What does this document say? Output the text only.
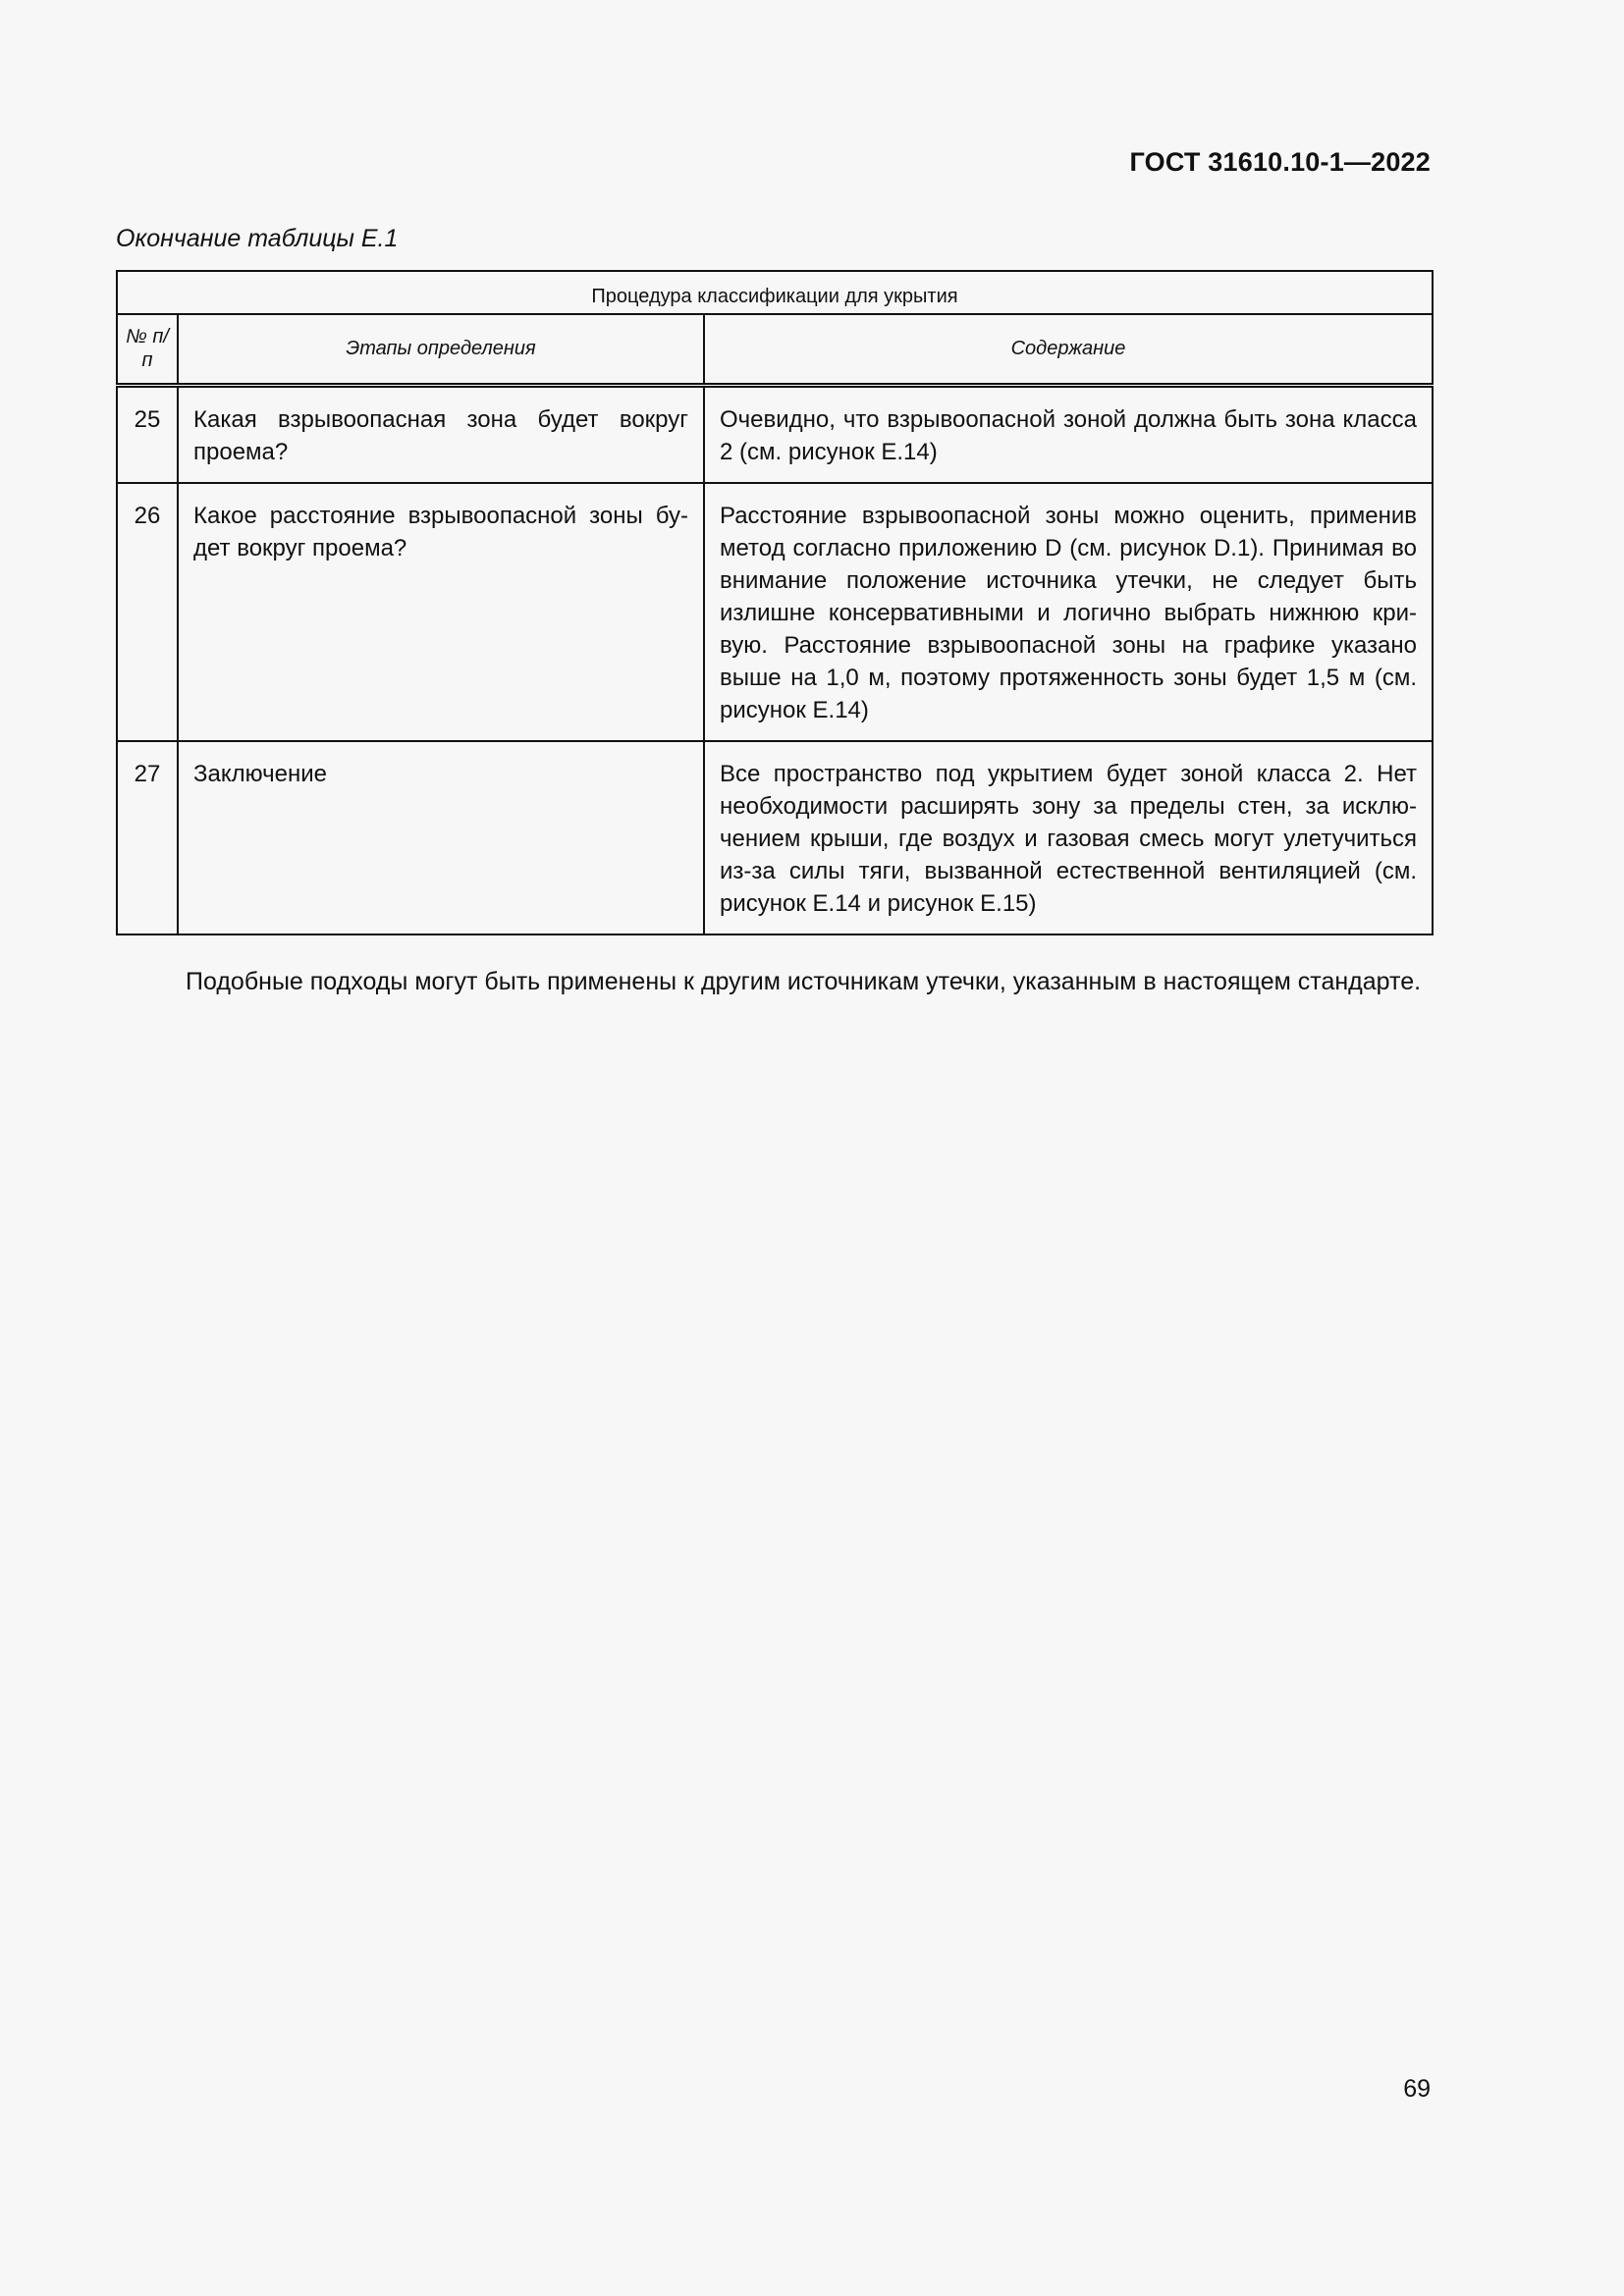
ГОСТ 31610.10-1—2022
Окончание таблицы Е.1
Процедура классификации для укрытия		
№ п/п	Этапы определения	Содержание
25	Какая взрывоопасная зона будет вокруг проема?	Очевидно, что взрывоопасной зоной должна быть зона класса 2 (см. рисунок Е.14)
26	Какое расстояние взрывоопасной зоны будет вокруг проема?	Расстояние взрывоопасной зоны можно оценить, применив метод согласно приложению D (см. рисунок D.1). Принимая во внимание положение источника утечки, не следует быть излишне консервативными и логично выбрать нижнюю кривую. Расстояние взрывоопасной зоны на графике указано выше на 1,0 м, поэтому протяженность зоны будет 1,5 м (см. рисунок Е.14)
27	Заключение	Все пространство под укрытием будет зоной класса 2. Нет необходимости расширять зону за пределы стен, за исключением крыши, где воздух и газовая смесь могут улетучиться из-за силы тяги, вызванной естественной вентиляцией (см. рисунок Е.14 и рисунок Е.15)
Подобные подходы могут быть применены к другим источникам утечки, указанным в настоящем стандарте.
69
